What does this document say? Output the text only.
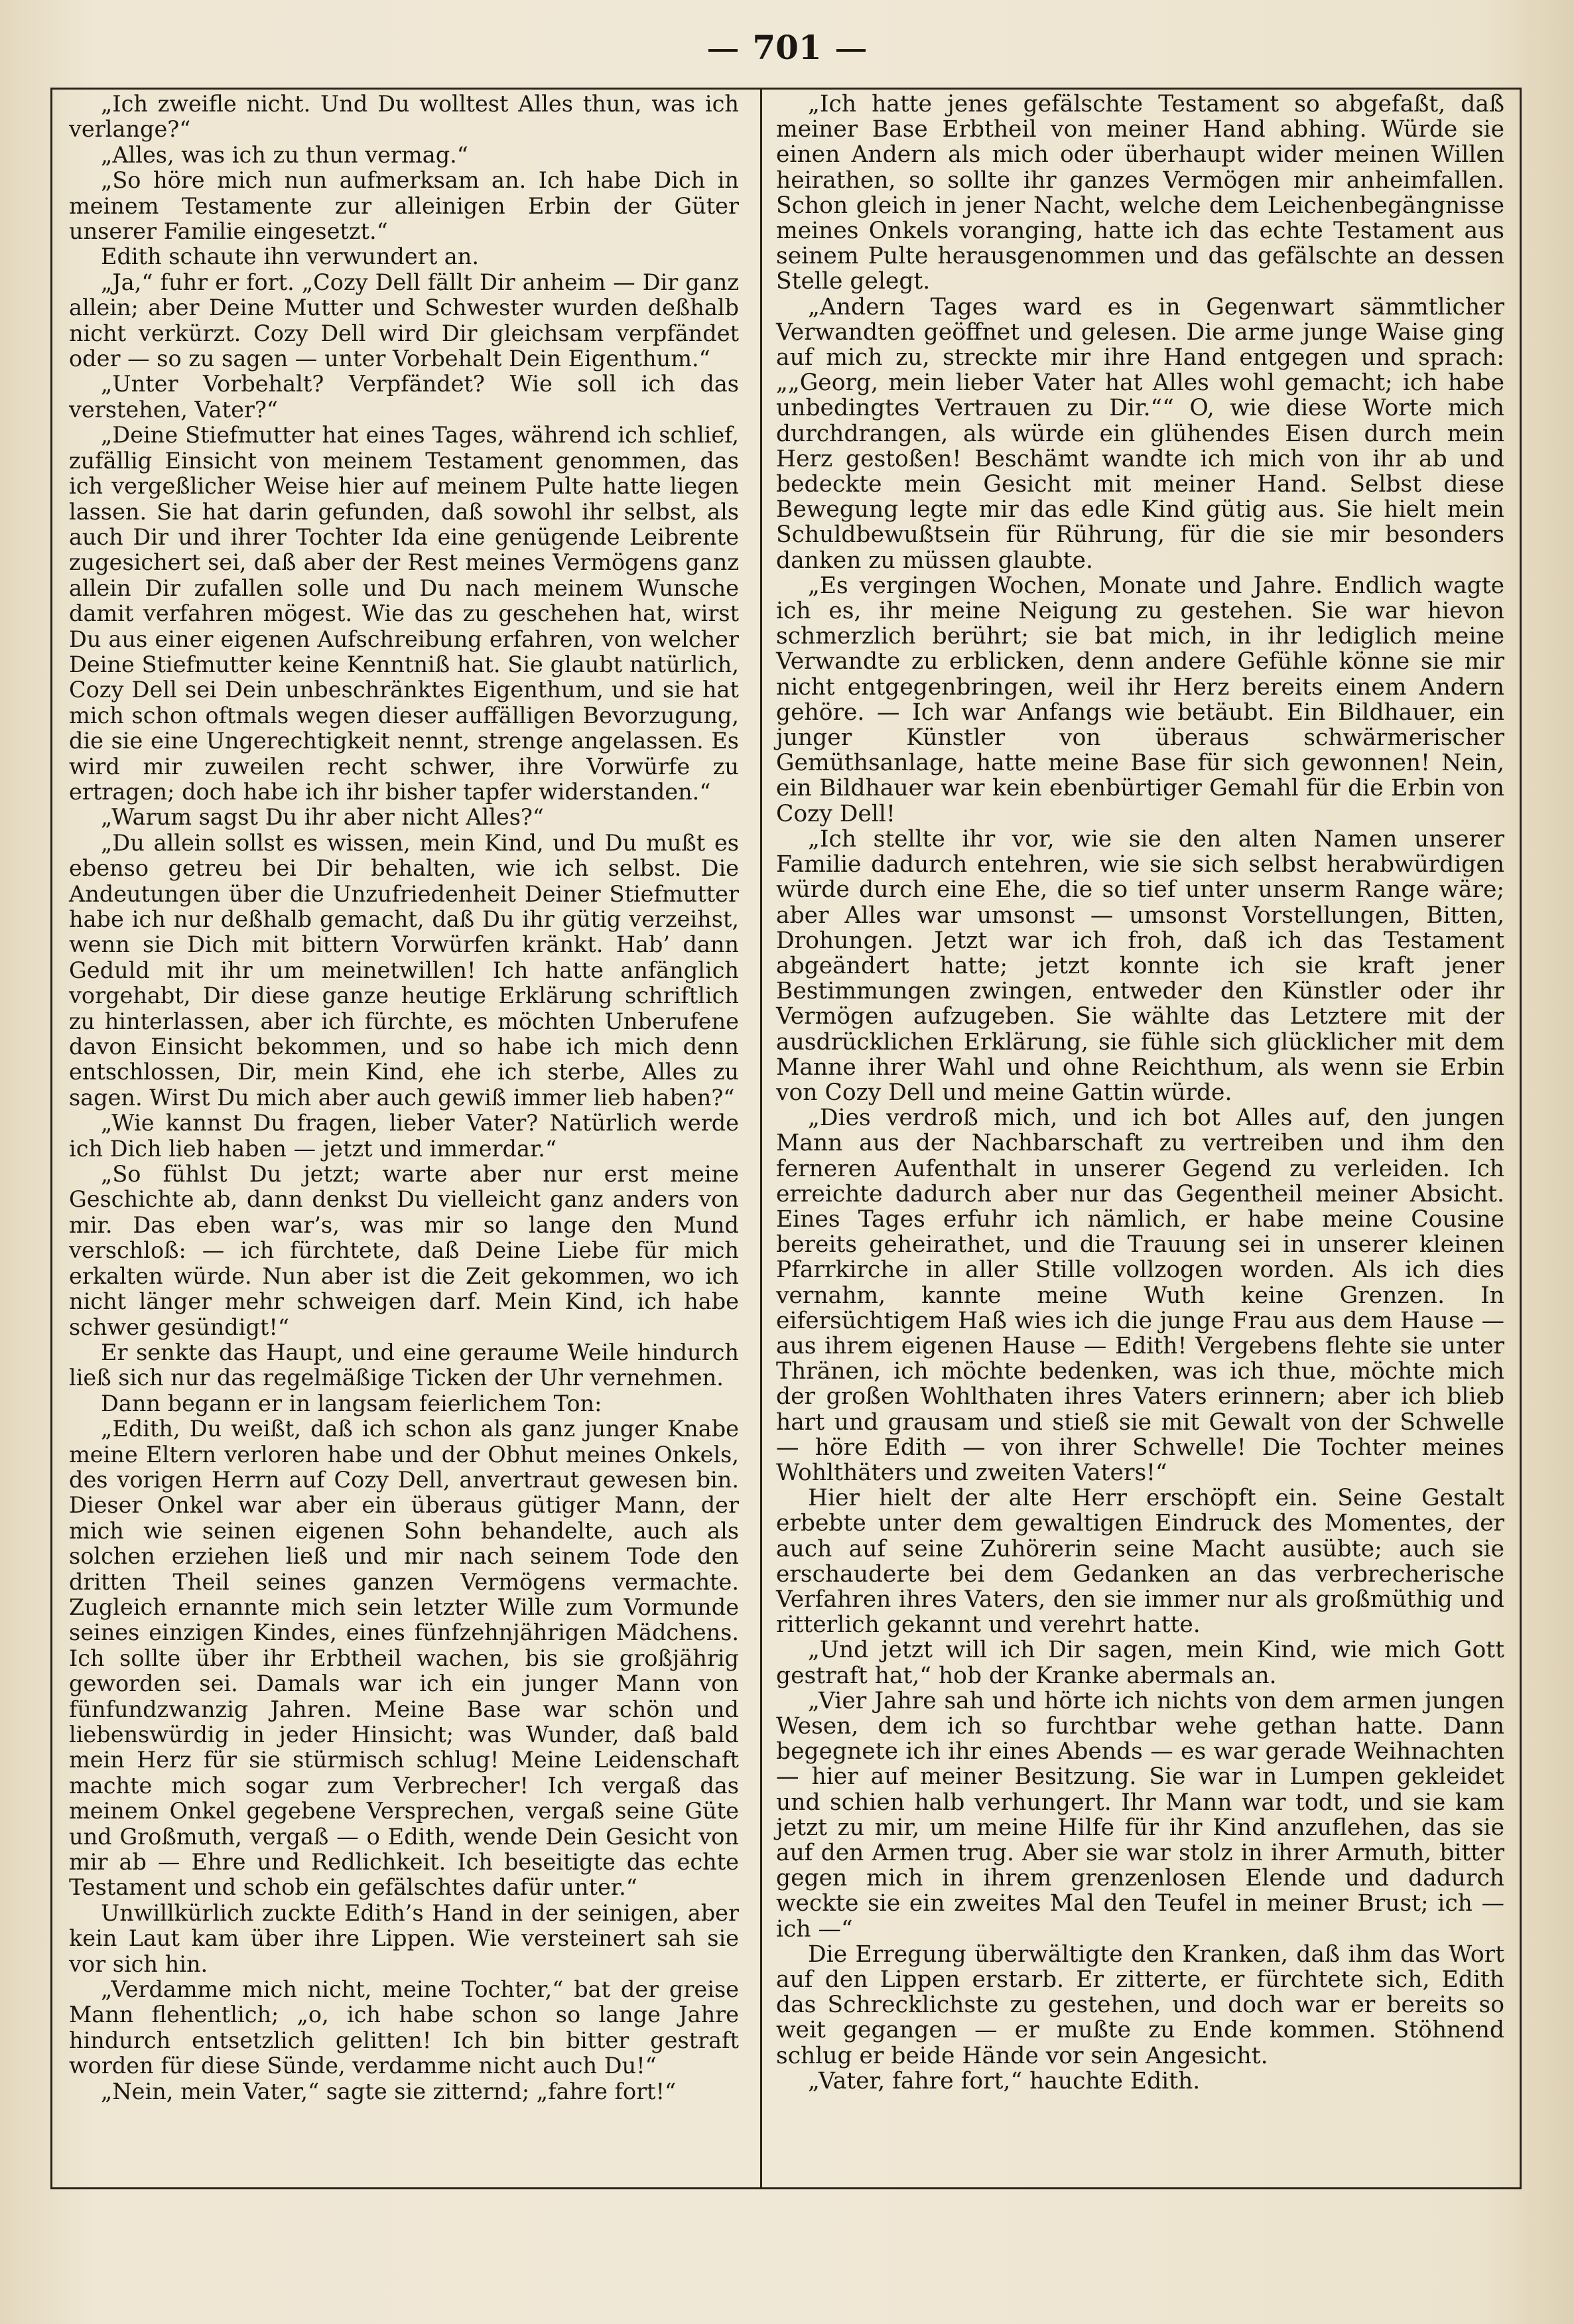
701

„Ich zweifle nicht. Und Du wolltest Alles thun, was ich verlange?“

„Alles, was ich zu thun vermag.“

„So höre mich nun aufmerksam an. Ich habe Dich in meinem Testamente zur alleinigen Erbin der Güter unserer Familie eingesetzt.“

Edith schaute ihn verwundert an.

„Ja,“ fuhr er fort. „Cozy Dell fällt Dir anheim — Dir ganz allein; aber Deine Mutter und Schwester wurden deßhalb nicht verkürzt. Cozy Dell wird Dir gleichsam verpfändet oder — so zu sagen — unter Vorbehalt Dein Eigenthum.“

„Unter Vorbehalt? Verpfändet? Wie soll ich das verstehen, Vater?“

„Deine Stiefmutter hat eines Tages, während ich schlief, zufällig Einsicht von meinem Testament genommen, das ich vergeßlicher Weise hier auf meinem Pulte hatte liegen lassen. Sie hat darin gefunden, daß sowohl ihr selbst, als auch Dir und ihrer Tochter Ida eine genügende Leibrente zugesichert sei, daß aber der Rest meines Vermögens ganz allein Dir zufallen solle und Du nach meinem Wunsche damit verfahren mögest. Wie das zu geschehen hat, wirst Du aus einer eigenen Aufschreibung erfahren, von welcher Deine Stiefmutter keine Kenntniß hat. Sie glaubt natürlich, Cozy Dell sei Dein unbeschränktes Eigenthum, und sie hat mich schon oftmals wegen dieser auffälligen Bevorzugung, die sie eine Ungerechtigkeit nennt, strenge angelassen. Es wird mir zuweilen recht schwer, ihre Vorwürfe zu ertragen; doch habe ich ihr bisher tapfer widerstanden.“

„Warum sagst Du ihr aber nicht Alles?“

„Du allein sollst es wissen, mein Kind, und Du mußt es ebenso getreu bei Dir behalten, wie ich selbst. Die Andeutungen über die Unzufriedenheit Deiner Stiefmutter habe ich nur deßhalb gemacht, daß Du ihr gütig verzeihst, wenn sie Dich mit bittern Vorwürfen kränkt. Hab’ dann Geduld mit ihr um meinetwillen! Ich hatte anfänglich vorgehabt, Dir diese ganze heutige Erklärung schriftlich zu hinterlassen, aber ich fürchte, es möchten Unberufene davon Einsicht bekommen, und so habe ich mich denn entschlossen, Dir, mein Kind, ehe ich sterbe, Alles zu sagen. Wirst Du mich aber auch gewiß immer lieb haben?“

„Wie kannst Du fragen, lieber Vater? Natürlich werde ich Dich lieb haben — jetzt und immerdar.“

„So fühlst Du jetzt; warte aber nur erst meine Geschichte ab, dann denkst Du vielleicht ganz anders von mir. Das eben war’s, was mir so lange den Mund verschloß: — ich fürchtete, daß Deine Liebe für mich erkalten würde. Nun aber ist die Zeit gekommen, wo ich nicht länger mehr schweigen darf. Mein Kind, ich habe schwer gesündigt!“

Er senkte das Haupt, und eine geraume Weile hindurch ließ sich nur das regelmäßige Ticken der Uhr vernehmen.

Dann begann er in langsam feierlichem Ton:

„Edith, Du weißt, daß ich schon als ganz junger Knabe meine Eltern verloren habe und der Obhut meines Onkels, des vorigen Herrn auf Cozy Dell, anvertraut gewesen bin. Dieser Onkel war aber ein überaus gütiger Mann, der mich wie seinen eigenen Sohn behandelte, auch als solchen erziehen ließ und mir nach seinem Tode den dritten Theil seines ganzen Vermögens vermachte. Zugleich ernannte mich sein letzter Wille zum Vormunde seines einzigen Kindes, eines fünfzehnjährigen Mädchens. Ich sollte über ihr Erbtheil wachen, bis sie großjährig geworden sei. Damals war ich ein junger Mann von fünfundzwanzig Jahren. Meine Base war schön und liebenswürdig in jeder Hinsicht; was Wunder, daß bald mein Herz für sie stürmisch schlug! Meine Leidenschaft machte mich sogar zum Verbrecher! Ich vergaß das meinem Onkel gegebene Versprechen, vergaß seine Güte und Großmuth, vergaß — o Edith, wende Dein Gesicht von mir ab — Ehre und Redlichkeit. Ich beseitigte das echte Testament und schob ein gefälschtes dafür unter.“

Unwillkürlich zuckte Edith’s Hand in der seinigen, aber kein Laut kam über ihre Lippen. Wie versteinert sah sie vor sich hin.

„Verdamme mich nicht, meine Tochter,“ bat der greise Mann flehentlich; „o, ich habe schon so lange Jahre hindurch entsetzlich gelitten! Ich bin bitter gestraft worden für diese Sünde, verdamme nicht auch Du!“

„Nein, mein Vater,“ sagte sie zitternd; „fahre fort!“

„Ich hatte jenes gefälschte Testament so abgefaßt, daß meiner Base Erbtheil von meiner Hand abhing. Würde sie einen Andern als mich oder überhaupt wider meinen Willen heirathen, so sollte ihr ganzes Vermögen mir anheimfallen. Schon gleich in jener Nacht, welche dem Leichenbegängnisse meines Onkels voranging, hatte ich das echte Testament aus seinem Pulte herausgenommen und das gefälschte an dessen Stelle gelegt.

„Andern Tages ward es in Gegenwart sämmtlicher Verwandten geöffnet und gelesen. Die arme junge Waise ging auf mich zu, streckte mir ihre Hand entgegen und sprach: „„Georg, mein lieber Vater hat Alles wohl gemacht; ich habe unbedingtes Vertrauen zu Dir.““ O, wie diese Worte mich durchdrangen, als würde ein glühendes Eisen durch mein Herz gestoßen! Beschämt wandte ich mich von ihr ab und bedeckte mein Gesicht mit meiner Hand. Selbst diese Bewegung legte mir das edle Kind gütig aus. Sie hielt mein Schuldbewußtsein für Rührung, für die sie mir besonders danken zu müssen glaubte.

„Es vergingen Wochen, Monate und Jahre. Endlich wagte ich es, ihr meine Neigung zu gestehen. Sie war hievon schmerzlich berührt; sie bat mich, in ihr lediglich meine Verwandte zu erblicken, denn andere Gefühle könne sie mir nicht entgegenbringen, weil ihr Herz bereits einem Andern gehöre. — Ich war Anfangs wie betäubt. Ein Bildhauer, ein junger Künstler von überaus schwärmerischer Gemüthsanlage, hatte meine Base für sich gewonnen! Nein, ein Bildhauer war kein ebenbürtiger Gemahl für die Erbin von Cozy Dell!

„Ich stellte ihr vor, wie sie den alten Namen unserer Familie dadurch entehren, wie sie sich selbst herabwürdigen würde durch eine Ehe, die so tief unter unserm Range wäre; aber Alles war umsonst — umsonst Vorstellungen, Bitten, Drohungen. Jetzt war ich froh, daß ich das Testament abgeändert hatte; jetzt konnte ich sie kraft jener Bestimmungen zwingen, entweder den Künstler oder ihr Vermögen aufzugeben. Sie wählte das Letztere mit der ausdrücklichen Erklärung, sie fühle sich glücklicher mit dem Manne ihrer Wahl und ohne Reichthum, als wenn sie Erbin von Cozy Dell und meine Gattin würde.

„Dies verdroß mich, und ich bot Alles auf, den jungen Mann aus der Nachbarschaft zu vertreiben und ihm den ferneren Aufenthalt in unserer Gegend zu verleiden. Ich erreichte dadurch aber nur das Gegentheil meiner Absicht. Eines Tages erfuhr ich nämlich, er habe meine Cousine bereits geheirathet, und die Trauung sei in unserer kleinen Pfarrkirche in aller Stille vollzogen worden. Als ich dies vernahm, kannte meine Wuth keine Grenzen. In eifersüchtigem Haß wies ich die junge Frau aus dem Hause — aus ihrem eigenen Hause — Edith! Vergebens flehte sie unter Thränen, ich möchte bedenken, was ich thue, möchte mich der großen Wohlthaten ihres Vaters erinnern; aber ich blieb hart und grausam und stieß sie mit Gewalt von der Schwelle — höre Edith — von ihrer Schwelle! Die Tochter meines Wohlthäters und zweiten Vaters!“

Hier hielt der alte Herr erschöpft ein. Seine Gestalt erbebte unter dem gewaltigen Eindruck des Momentes, der auch auf seine Zuhörerin seine Macht ausübte; auch sie erschauderte bei dem Gedanken an das verbrecherische Verfahren ihres Vaters, den sie immer nur als großmüthig und ritterlich gekannt und verehrt hatte.

„Und jetzt will ich Dir sagen, mein Kind, wie mich Gott gestraft hat,“ hob der Kranke abermals an.

„Vier Jahre sah und hörte ich nichts von dem armen jungen Wesen, dem ich so furchtbar wehe gethan hatte. Dann begegnete ich ihr eines Abends — es war gerade Weihnachten — hier auf meiner Besitzung. Sie war in Lumpen gekleidet und schien halb verhungert. Ihr Mann war todt, und sie kam jetzt zu mir, um meine Hilfe für ihr Kind anzuflehen, das sie auf den Armen trug. Aber sie war stolz in ihrer Armuth, bitter gegen mich in ihrem grenzenlosen Elende und dadurch weckte sie ein zweites Mal den Teufel in meiner Brust; ich — ich —“

Die Erregung überwältigte den Kranken, daß ihm das Wort auf den Lippen erstarb. Er zitterte, er fürchtete sich, Edith das Schrecklichste zu gestehen, und doch war er bereits so weit gegangen — er mußte zu Ende kommen. Stöhnend schlug er beide Hände vor sein Angesicht.

„Vater, fahre fort,“ hauchte Edith.
